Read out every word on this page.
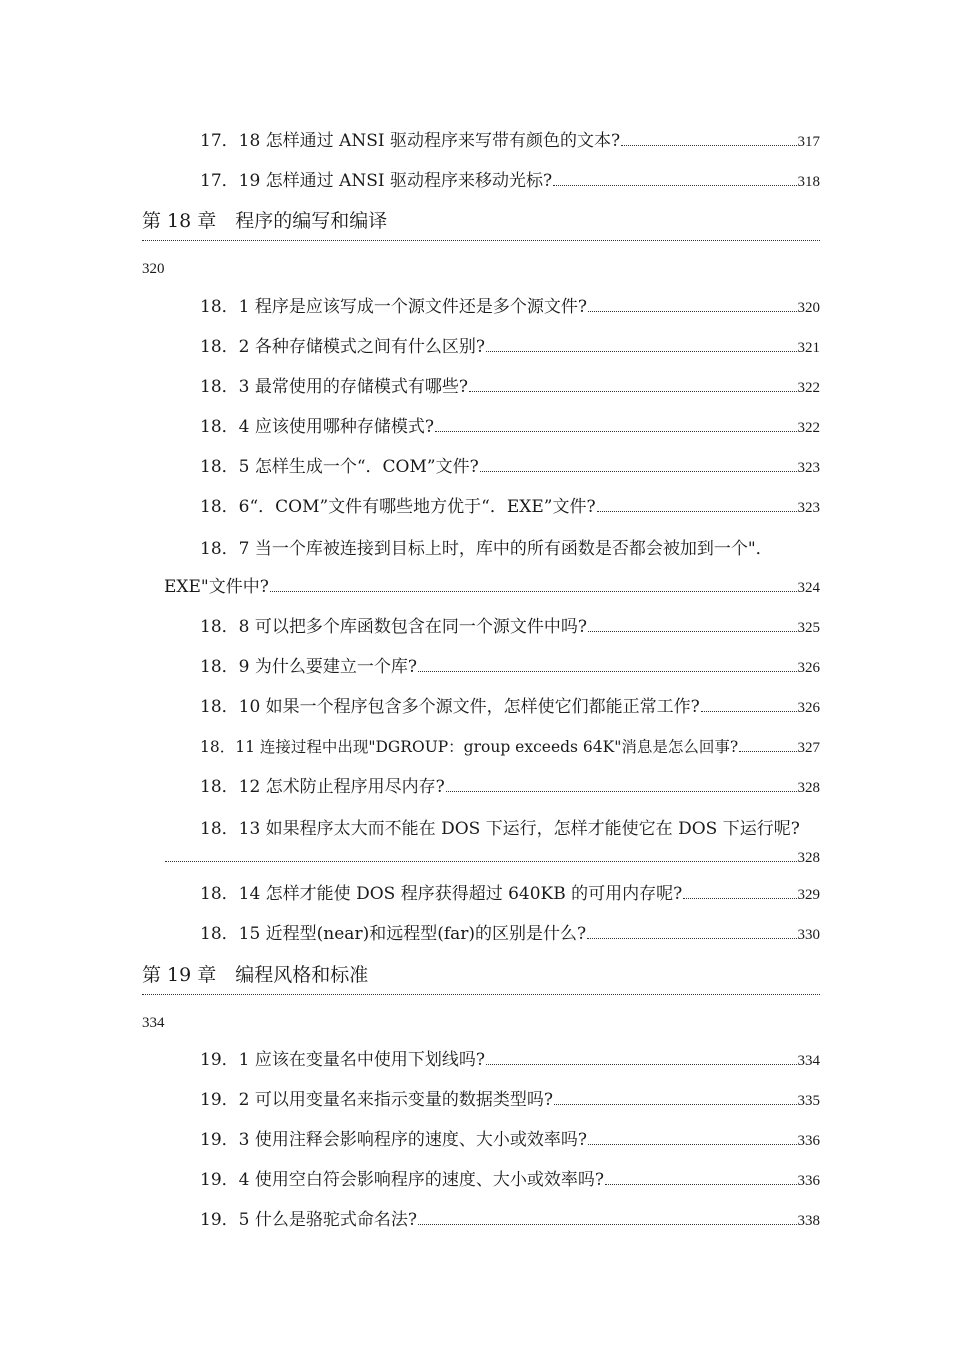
17．18 怎样通过 ANSI 驱动程序来写带有颜色的文本?	317
17．19 怎样通过 ANSI 驱动程序来移动光标?	318
第 18 章　程序的编写和编译
320
18．1 程序是应该写成一个源文件还是多个源文件?	320
18．2 各种存储模式之间有什么区别?	321
18．3 最常使用的存储模式有哪些?	322
18．4 应该使用哪种存储模式?	322
18．5 怎样生成一个“．COM”文件?	323
18．6“．COM”文件有哪些地方优于“．EXE”文件?	323
18．7 当一个库被连接到目标上时，库中的所有函数是否都会被加到一个"．
EXE"文件中?	324
18．8 可以把多个库函数包含在同一个源文件中吗?	325
18．9 为什么要建立一个库?	326
18．10 如果一个程序包含多个源文件，怎样使它们都能正常工作?	326
18．11 连接过程中出现"DGROUP：group exceeds 64K"消息是怎么回事?	327
18．12 怎术防止程序用尽内存?	328
18．13 如果程序太大而不能在 DOS 下运行，怎样才能使它在 DOS 下运行呢?
328
18．14 怎样才能使 DOS 程序获得超过 640KB 的可用内存呢?	329
18．15 近程型(near)和远程型(far)的区别是什么?	330
第 19 章　编程风格和标准
334
19．1 应该在变量名中使用下划线吗?	334
19．2 可以用变量名来指示变量的数据类型吗?	335
19．3 使用注释会影响程序的速度、大小或效率吗?	336
19．4 使用空白符会影响程序的速度、大小或效率吗?	336
19．5 什么是骆驼式命名法?	338
